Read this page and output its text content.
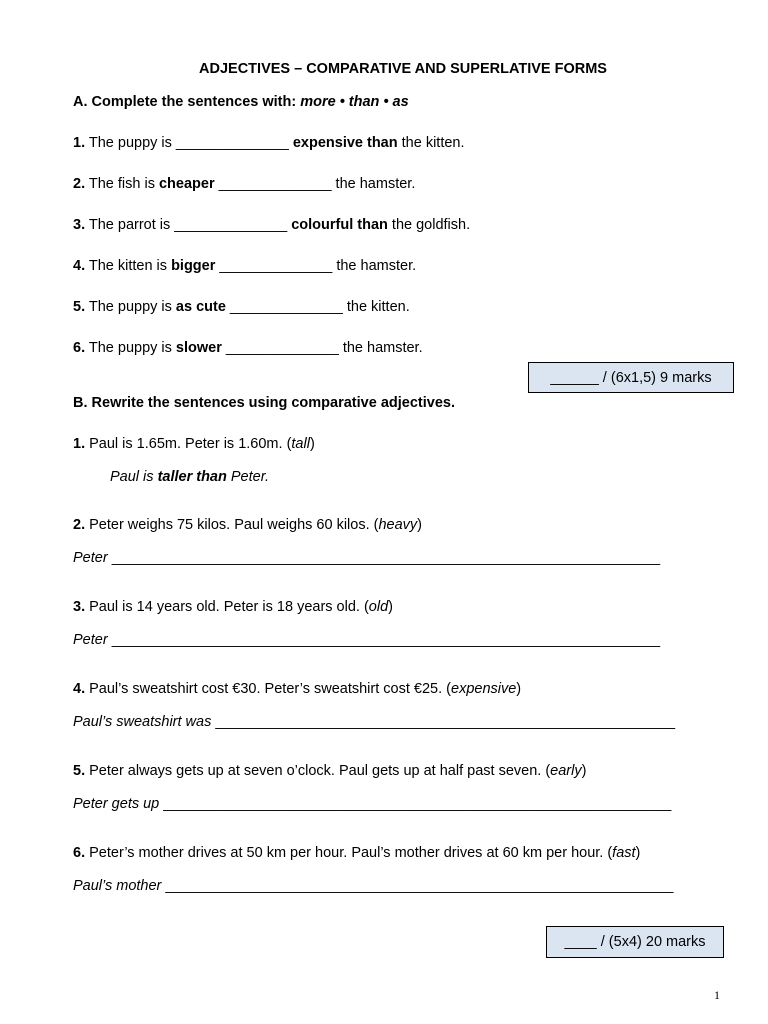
ADJECTIVES – COMPARATIVE AND SUPERLATIVE FORMS
A. Complete the sentences with: more • than • as
1. The puppy is ______________ expensive than the kitten.
2. The fish is cheaper ______________ the hamster.
3. The parrot is ______________ colourful than the goldfish.
4. The kitten is bigger ______________ the hamster.
5. The puppy is as cute ______________ the kitten.
6. The puppy is slower ______________ the hamster.
______ / (6x1,5) 9 marks
B. Rewrite the sentences using comparative adjectives.
1. Paul is 1.65m. Peter is 1.60m. (tall)
Paul is taller than Peter.
2. Peter weighs 75 kilos. Paul weighs 60 kilos. (heavy)
Peter ____________________________________________________________________
3. Paul is 14 years old. Peter is 18 years old. (old)
Peter ____________________________________________________________________
4. Paul’s sweatshirt cost €30. Peter’s sweatshirt cost €25. (expensive)
Paul’s sweatshirt was _________________________________________________________
5. Peter always gets up at seven o’clock. Paul gets up at half past seven. (early)
Peter gets up _______________________________________________________________
6. Peter’s mother drives at 50 km per hour. Paul’s mother drives at 60 km per hour. (fast)
Paul’s mother _______________________________________________________________
____ / (5x4) 20 marks
1
